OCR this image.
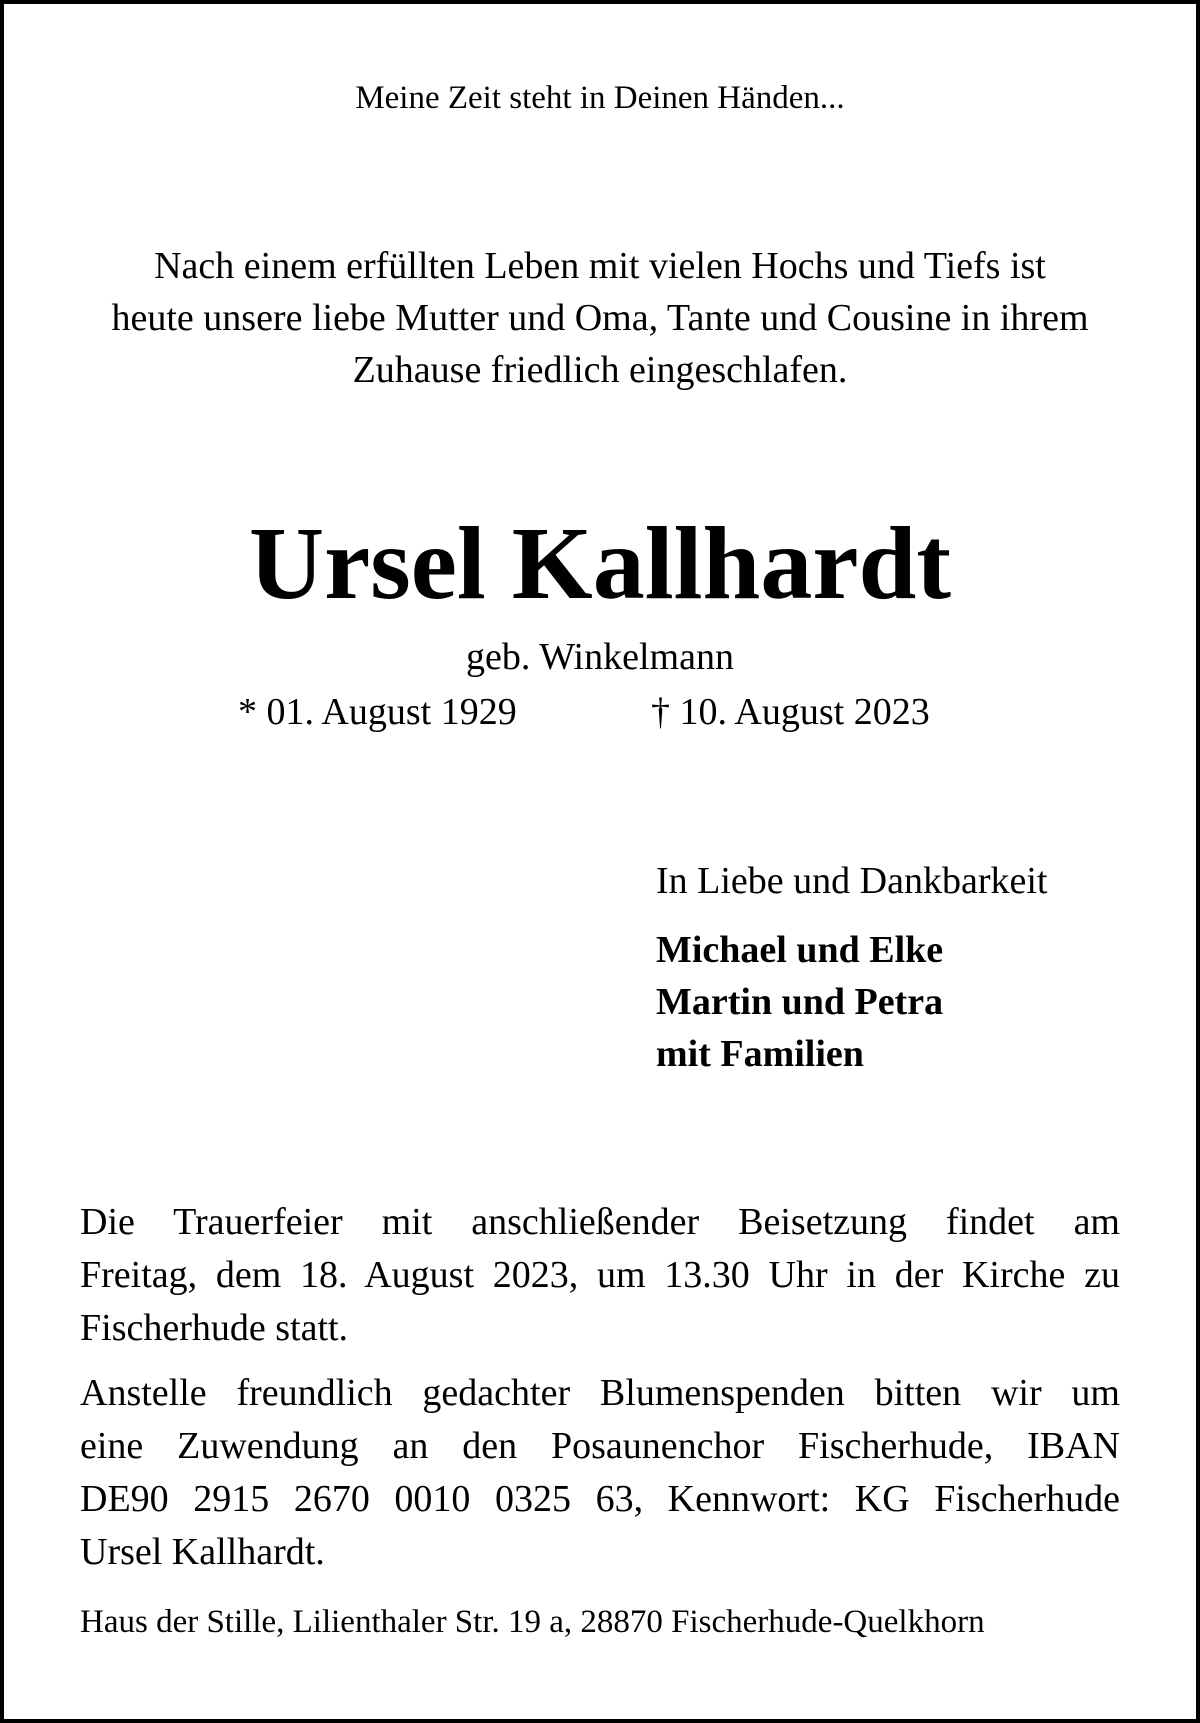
Meine Zeit steht in Deinen Händen...
Nach einem erfüllten Leben mit vielen Hochs und Tiefs ist
heute unsere liebe Mutter und Oma, Tante und Cousine in ihrem
Zuhause friedlich eingeschlafen.
Ursel Kallhardt
geb. Winkelmann
* 01. August 1929	† 10. August 2023
In Liebe und Dankbarkeit
Michael und Elke
Martin und Petra
mit Familien
Die Trauerfeier mit anschließender Beisetzung findet am
Freitag, dem 18. August 2023, um 13.30 Uhr in der Kirche zu
Fischerhude statt.
Anstelle freundlich gedachter Blumenspenden bitten wir um
eine Zuwendung an den Posaunenchor Fischerhude, IBAN
DE90 2915 2670 0010 0325 63, Kennwort: KG Fischerhude
Ursel Kallhardt.
Haus der Stille, Lilienthaler Str. 19 a, 28870 Fischerhude-Quelkhorn
